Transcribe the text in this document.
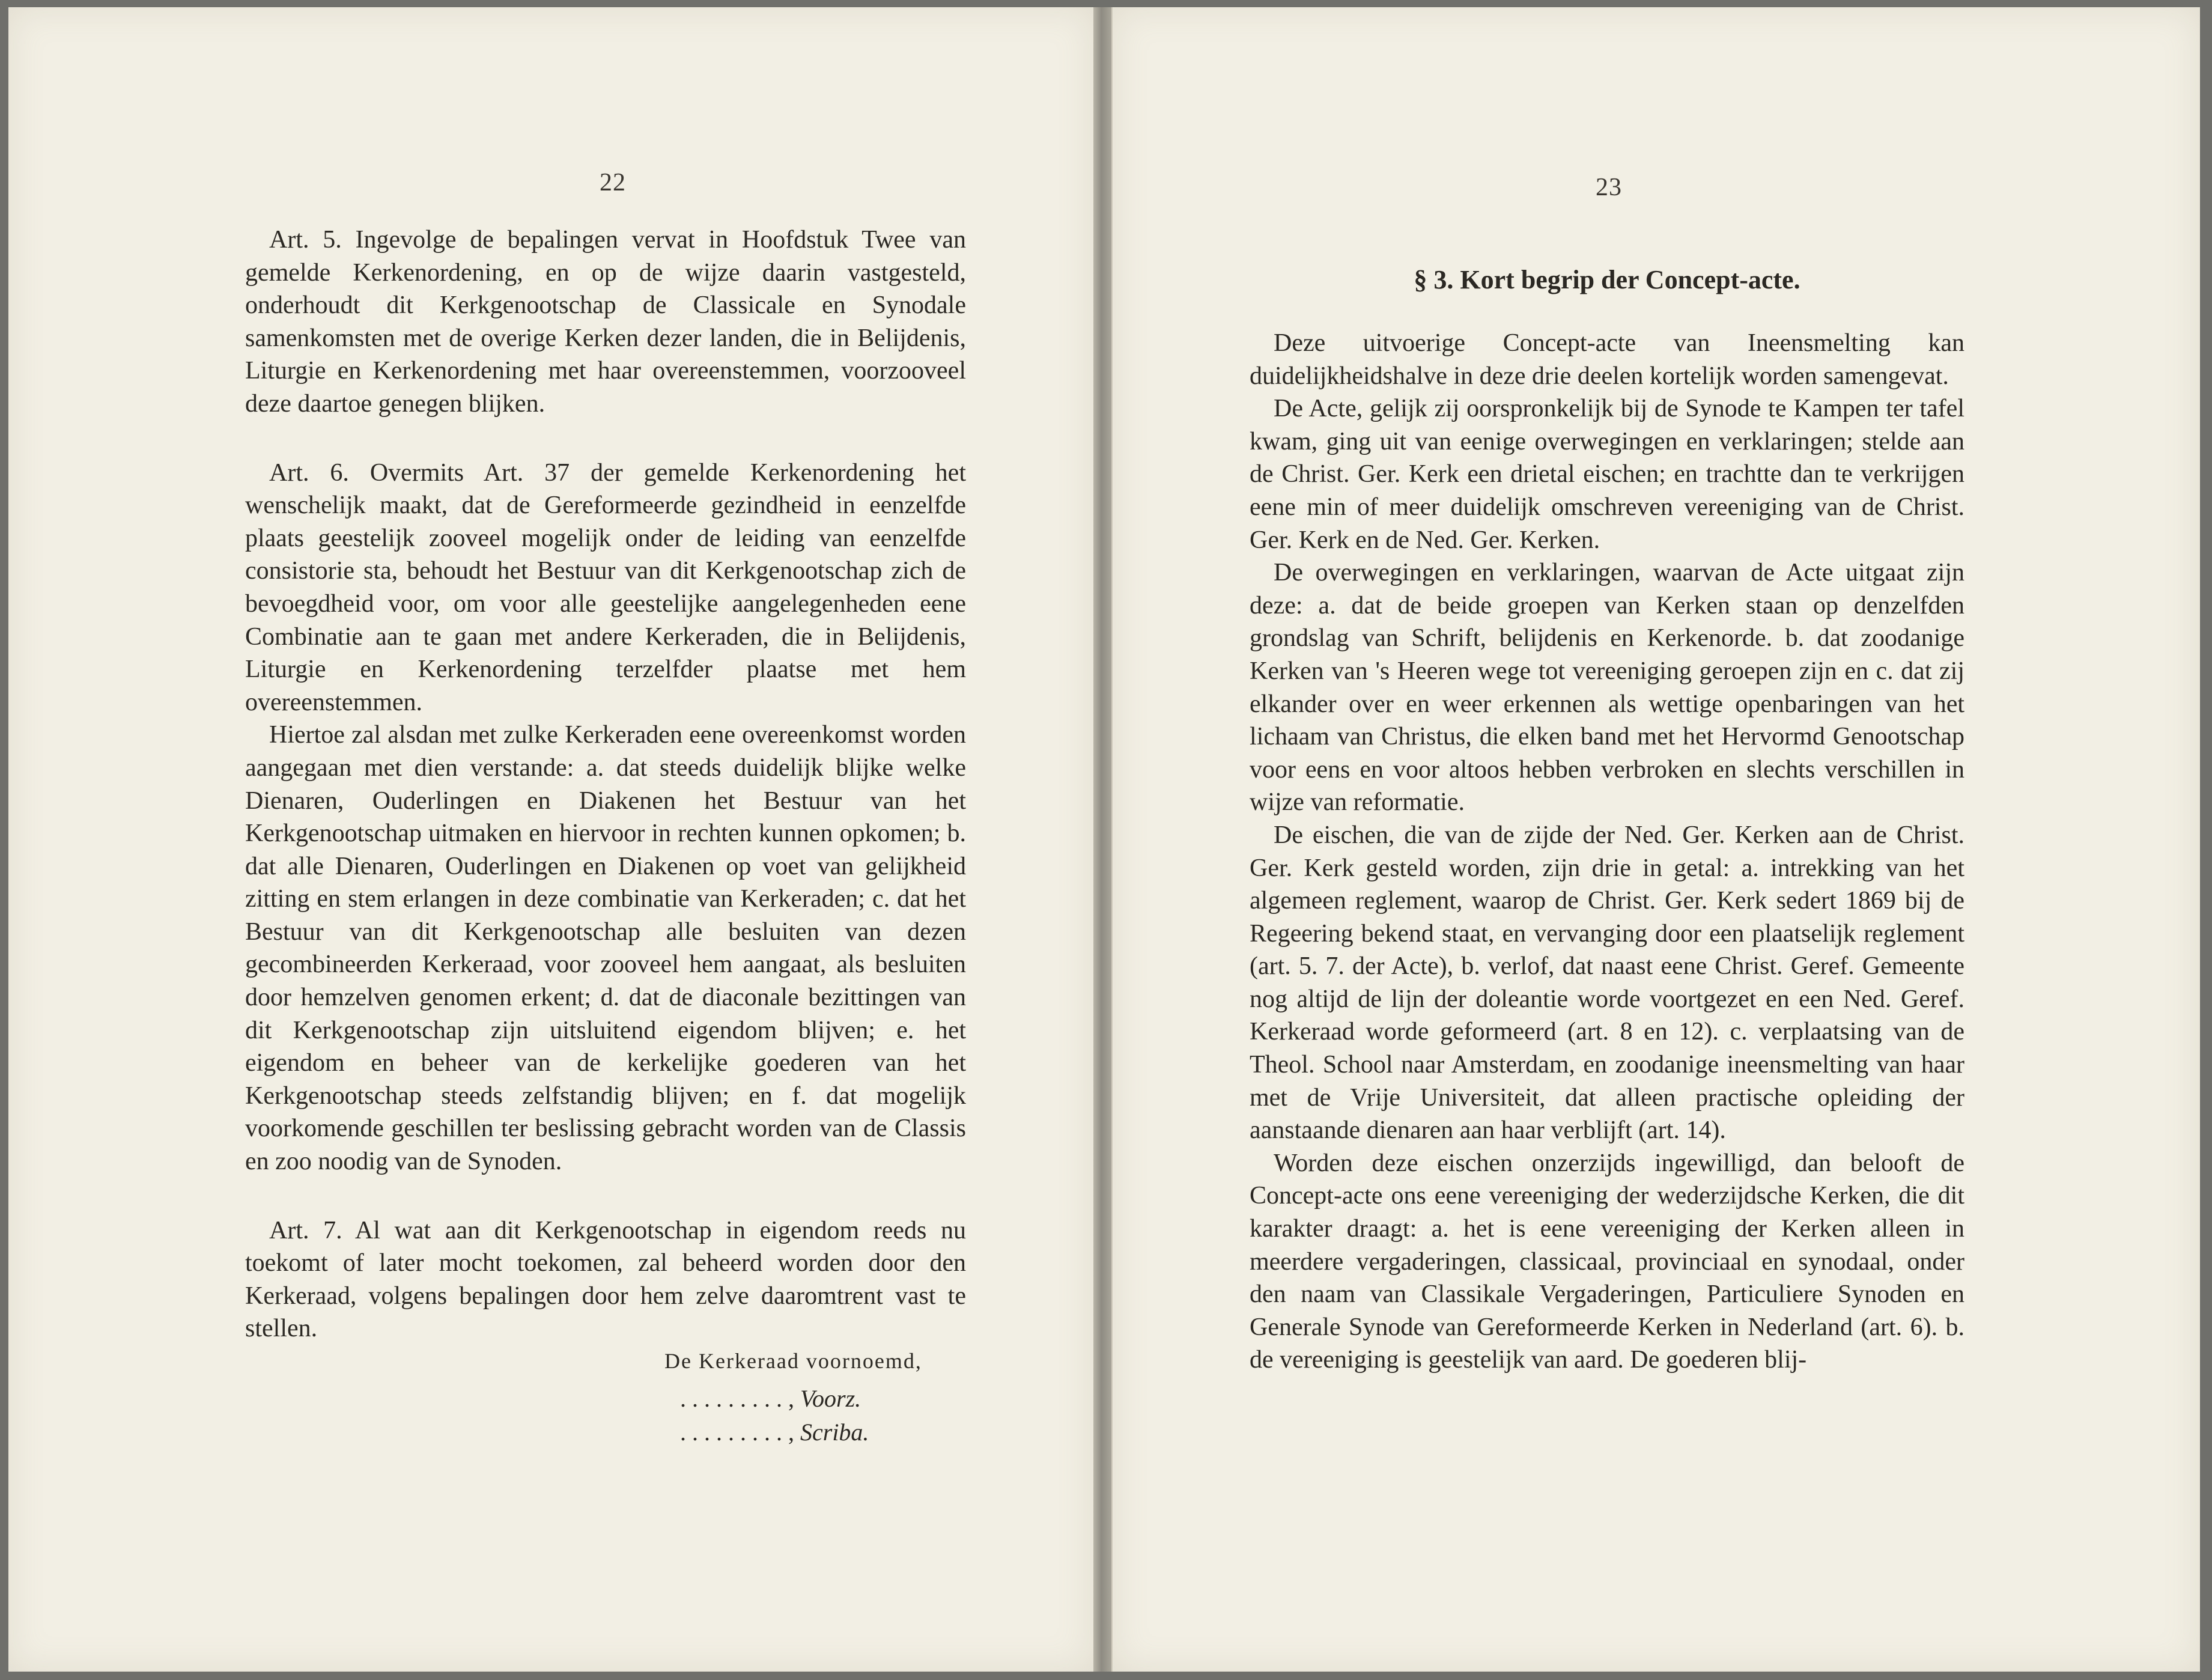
22

Art. 5. Ingevolge de bepalingen vervat in Hoofdstuk Twee van gemelde Kerkenordening, en op de wijze daarin vastgesteld, onderhoudt dit Kerkgenootschap de Classicale en Synodale samenkomsten met de overige Kerken dezer landen, die in Belijdenis, Liturgie en Kerkenordening met haar overeenstemmen, voorzooveel deze daartoe genegen blijken.

Art. 6. Overmits Art. 37 der gemelde Kerkenordening het wenschelijk maakt, dat de Gereformeerde gezindheid in eenzelfde plaats geestelijk zooveel mogelijk onder de leiding van eenzelfde consistorie sta, behoudt het Bestuur van dit Kerkgenootschap zich de bevoegdheid voor, om voor alle geestelijke aangelegenheden eene Combinatie aan te gaan met andere Kerkeraden, die in Belijdenis, Liturgie en Kerkenordening terzelfder plaatse met hem overeenstemmen.

Hiertoe zal alsdan met zulke Kerkeraden eene overeenkomst worden aangegaan met dien verstande: a. dat steeds duidelijk blijke welke Dienaren, Ouderlingen en Diakenen het Bestuur van het Kerkgenootschap uitmaken en hiervoor in rechten kunnen opkomen; b. dat alle Dienaren, Ouderlingen en Diakenen op voet van gelijkheid zitting en stem erlangen in deze combinatie van Kerkeraden; c. dat het Bestuur van dit Kerkgenootschap alle besluiten van dezen gecombineerden Kerkeraad, voor zooveel hem aangaat, als besluiten door hemzelven genomen erkent; d. dat de diaconale bezittingen van dit Kerkgenootschap zijn uitsluitend eigendom blijven; e. het eigendom en beheer van de kerkelijke goederen van het Kerkgenootschap steeds zelfstandig blijven; en f. dat mogelijk voorkomende geschillen ter beslissing gebracht worden van de Classis en zoo noodig van de Synoden.

Art. 7. Al wat aan dit Kerkgenootschap in eigendom reeds nu toekomt of later mocht toekomen, zal beheerd worden door den Kerkeraad, volgens bepalingen door hem zelve daaromtrent vast te stellen.

De Kerkeraad voornoemd,
. . . . . . . . . , Voorz.
. . . . . . . . . , Scriba.
23
§ 3. Kort begrip der Concept-acte.

Deze uitvoerige Concept-acte van Ineensmelting kan duidelijkheidshalve in deze drie deelen kortelijk worden samengevat.

De Acte, gelijk zij oorspronkelijk bij de Synode te Kampen ter tafel kwam, ging uit van eenige overwegingen en verklaringen; stelde aan de Christ. Ger. Kerk een drietal eischen; en trachtte dan te verkrijgen eene min of meer duidelijk omschreven vereeniging van de Christ. Ger. Kerk en de Ned. Ger. Kerken.

De overwegingen en verklaringen, waarvan de Acte uitgaat zijn deze: a. dat de beide groepen van Kerken staan op denzelfden grondslag van Schrift, belijdenis en Kerkenorde. b. dat zoodanige Kerken van 's Heeren wege tot vereeniging geroepen zijn en c. dat zij elkander over en weer erkennen als wettige openbaringen van het lichaam van Christus, die elken band met het Hervormd Genootschap voor eens en voor altoos hebben verbroken en slechts verschillen in wijze van reformatie.

De eischen, die van de zijde der Ned. Ger. Kerken aan de Christ. Ger. Kerk gesteld worden, zijn drie in getal: a. intrekking van het algemeen reglement, waarop de Christ. Ger. Kerk sedert 1869 bij de Regeering bekend staat, en vervanging door een plaatselijk reglement (art. 5. 7. der Acte), b. verlof, dat naast eene Christ. Geref. Gemeente nog altijd de lijn der doleantie worde voortgezet en een Ned. Geref. Kerkeraad worde geformeerd (art. 8 en 12). c. verplaatsing van de Theol. School naar Amsterdam, en zoodanige ineensmelting van haar met de Vrije Universiteit, dat alleen practische opleiding der aanstaande dienaren aan haar verblijft (art. 14).

Worden deze eischen onzerzijds ingewilligd, dan belooft de Concept-acte ons eene vereeniging der wederzijdsche Kerken, die dit karakter draagt: a. het is eene vereeniging der Kerken alleen in meerdere vergaderingen, classicaal, provinciaal en synodaal, onder den naam van Classikale Vergaderingen, Particuliere Synoden en Generale Synode van Gereformeerde Kerken in Nederland (art. 6). b. de vereeniging is geestelijk van aard. De goederen blij-
